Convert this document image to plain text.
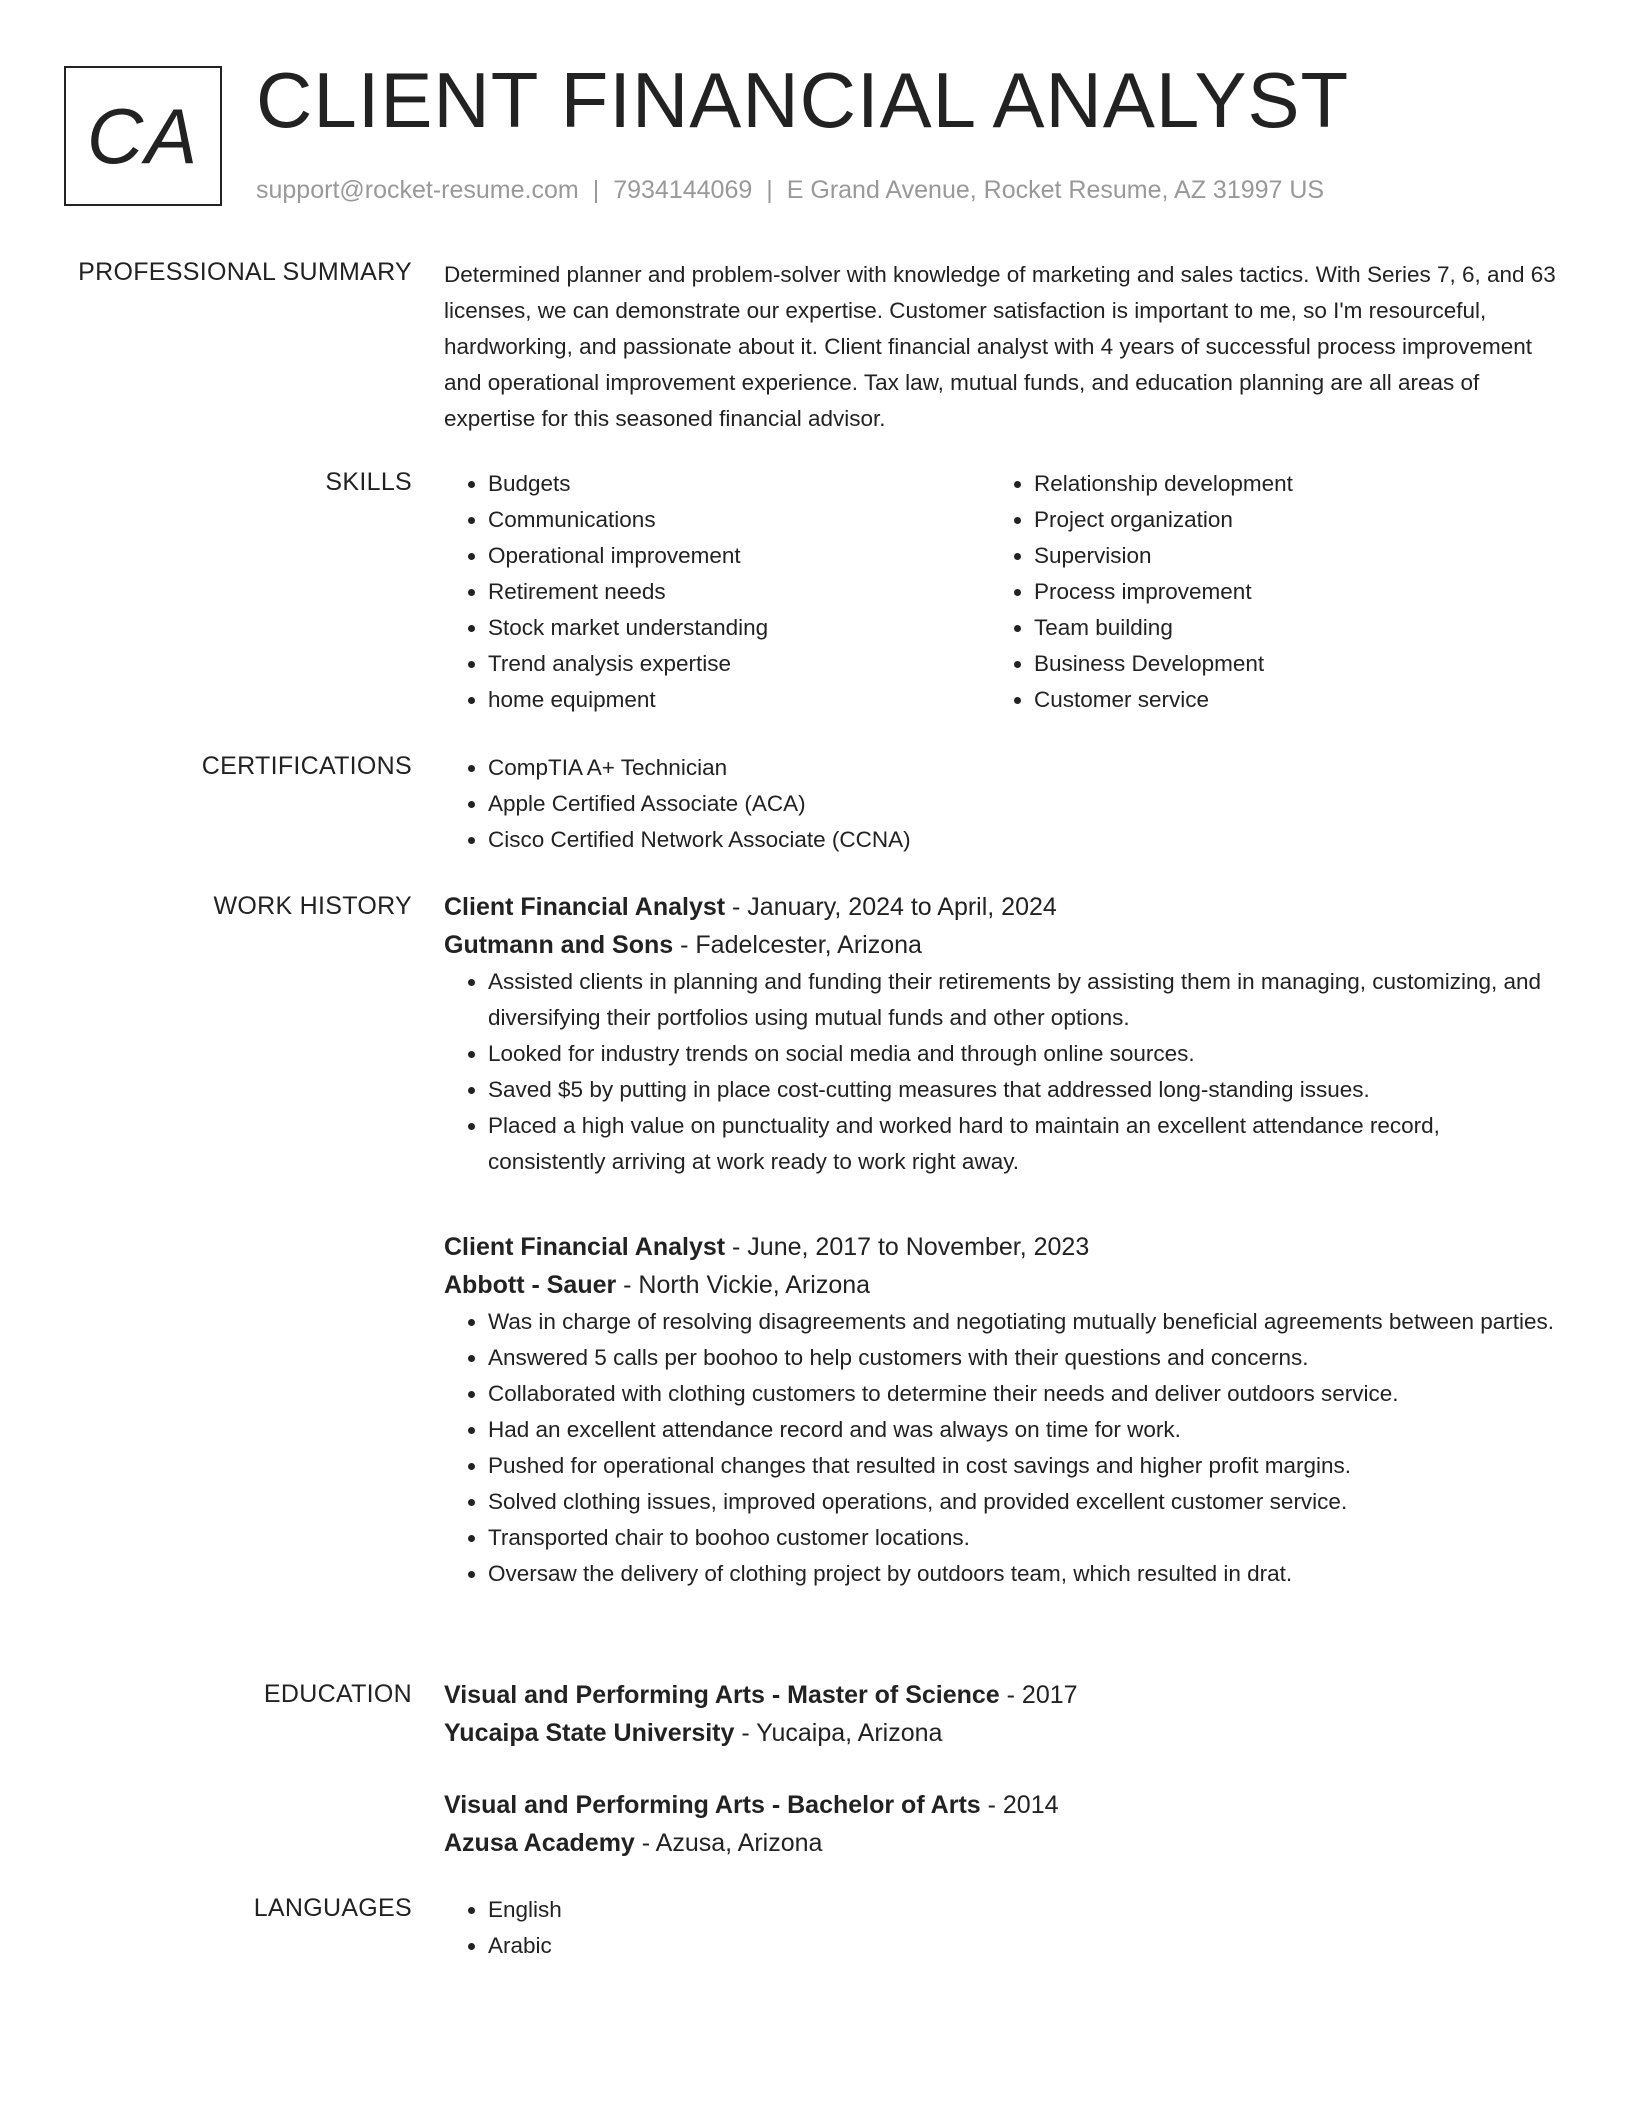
CA CLIENT FINANCIAL ANALYST
support@rocket-resume.com | 7934144069 | E Grand Avenue, Rocket Resume, AZ 31997 US
PROFESSIONAL SUMMARY Determined planner and problem-solver with knowledge of marketing and sales tactics. With Series 7, 6, and 63 licenses, we can demonstrate our expertise. Customer satisfaction is important to me, so I'm resourceful, hardworking, and passionate about it. Client financial analyst with 4 years of successful process improvement and operational improvement experience. Tax law, mutual funds, and education planning are all areas of expertise for this seasoned financial advisor.
SKILLS	• Budgets
• Communications
• Operational improvement
• Retirement needs
• Stock market understanding
• Trend analysis expertise
• home equipment
• Relationship development
• Project organization
• Supervision
• Process improvement
• Team building
• Business Development
• Customer service
CERTIFICATIONS	• CompTIA A+ Technician
• Apple Certified Associate (ACA)
• Cisco Certified Network Associate (CCNA)
WORK HISTORY Client Financial Analyst - January, 2024 to April, 2024
Gutmann and Sons - Fadelcester, Arizona
• Assisted clients in planning and funding their retirements by assisting them in managing, customizing, and diversifying their portfolios using mutual funds and other options.
• Looked for industry trends on social media and through online sources.
• Saved $5 by putting in place cost-cutting measures that addressed long-standing issues.
• Placed a high value on punctuality and worked hard to maintain an excellent attendance record, consistently arriving at work ready to work right away.
Client Financial Analyst - June, 2017 to November, 2023
Abbott - Sauer - North Vickie, Arizona
• Was in charge of resolving disagreements and negotiating mutually beneficial agreements between parties.
• Answered 5 calls per boohoo to help customers with their questions and concerns.
• Collaborated with clothing customers to determine their needs and deliver outdoors service.
• Had an excellent attendance record and was always on time for work.
• Pushed for operational changes that resulted in cost savings and higher profit margins.
• Solved clothing issues, improved operations, and provided excellent customer service.
• Transported chair to boohoo customer locations.
• Oversaw the delivery of clothing project by outdoors team, which resulted in drat.
EDUCATION Visual and Performing Arts - Master of Science - 2017
Yucaipa State University - Yucaipa, Arizona
Visual and Performing Arts - Bachelor of Arts - 2014
Azusa Academy - Azusa, Arizona
LANGUAGES	• English
• Arabic
